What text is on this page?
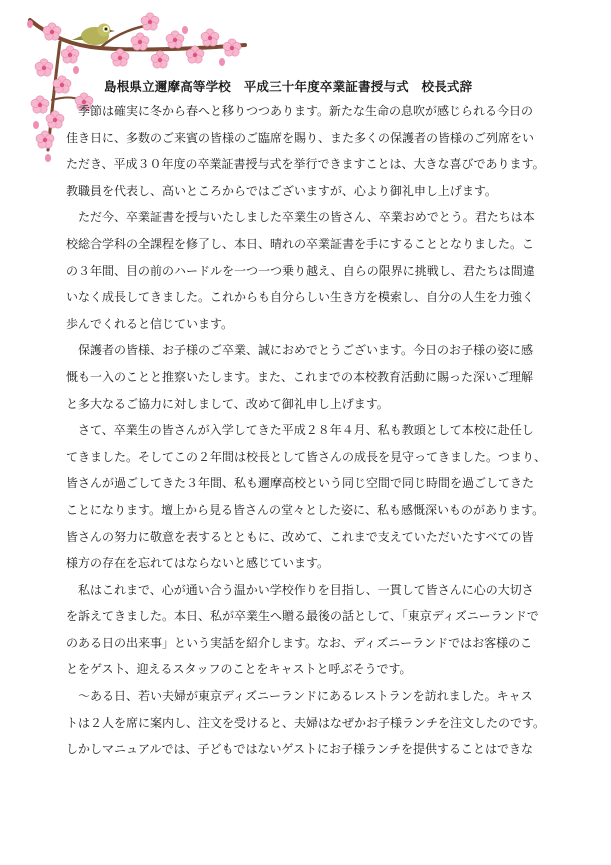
島根県立邇摩高等学校　平成三十年度卒業証書授与式　校長式辞
　季節は確実に冬から春へと移りつつあります。新たな生命の息吹が感じられる今日の
佳き日に、多数のご来賓の皆様のご臨席を賜り、また多くの保護者の皆様のご列席をい
ただき、平成３０年度の卒業証書授与式を挙行できますことは、大きな喜びであります。
教職員を代表し、高いところからではございますが、心より御礼申し上げます。
　ただ今、卒業証書を授与いたしました卒業生の皆さん、卒業おめでとう。君たちは本
校総合学科の全課程を修了し、本日、晴れの卒業証書を手にすることとなりました。こ
の３年間、目の前のハードルを一つ一つ乗り越え、自らの限界に挑戦し、君たちは間違
いなく成長してきました。これからも自分らしい生き方を模索し、自分の人生を力強く
歩んでくれると信じています。
　保護者の皆様、お子様のご卒業、誠におめでとうございます。今日のお子様の姿に感
慨も一入のことと推察いたします。また、これまでの本校教育活動に賜った深いご理解
と多大なるご協力に対しまして、改めて御礼申し上げます。
　さて、卒業生の皆さんが入学してきた平成２８年４月、私も教頭として本校に赴任し
てきました。そしてこの２年間は校長として皆さんの成長を見守ってきました。つまり、
皆さんが過ごしてきた３年間、私も邇摩高校という同じ空間で同じ時間を過ごしてきた
ことになります。壇上から見る皆さんの堂々とした姿に、私も感慨深いものがあります。
皆さんの努力に敬意を表するとともに、改めて、これまで支えていただいたすべての皆
様方の存在を忘れてはならないと感じています。
　私はこれまで、心が通い合う温かい学校作りを目指し、一貫して皆さんに心の大切さ
を訴えてきました。本日、私が卒業生へ贈る最後の話として、「東京ディズニーランドで
のある日の出来事」という実話を紹介します。なお、ディズニーランドではお客様のこ
とをゲスト、迎えるスタッフのことをキャストと呼ぶそうです。
　～ある日、若い夫婦が東京ディズニーランドにあるレストランを訪れました。キャス
トは２人を席に案内し、注文を受けると、夫婦はなぜかお子様ランチを注文したのです。
しかしマニュアルでは、子どもではないゲストにお子様ランチを提供することはできな
